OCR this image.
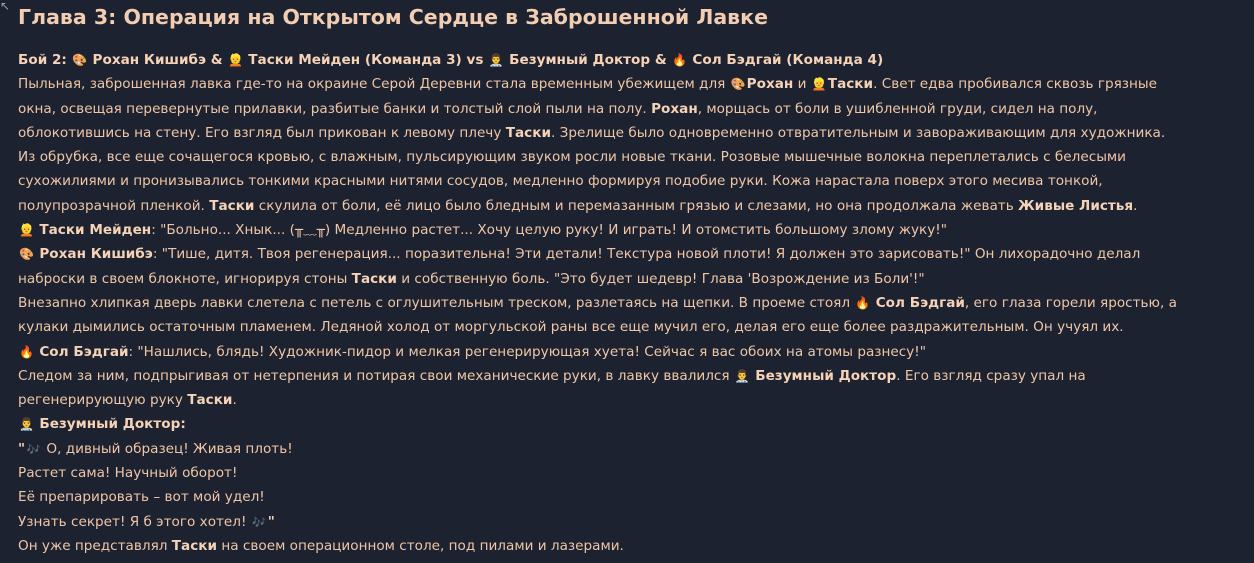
↖ Глава 3: Операция на Открытом Сердце в Заброшенной Лавке
Бой 2: 🎨 Рохан Кишибэ & 👱 Таски Мейден (Команда 3) vs 👨‍⚕️ Безумный Доктор & 🔥 Сол Бэдгай (Команда 4)
Пыльная, заброшенная лавка где-то на окраине Серой Деревни стала временным убежищем для 🎨Рохан и 👱Таски. Свет едва пробивался сквозь грязные
окна, освещая перевернутые прилавки, разбитые банки и толстый слой пыли на полу. Рохан, морщась от боли в ушибленной груди, сидел на полу,
облокотившись на стену. Его взгляд был прикован к левому плечу Таски. Зрелище было одновременно отвратительным и завораживающим для художника.
Из обрубка, все еще сочащегося кровью, с влажным, пульсирующим звуком росли новые ткани. Розовые мышечные волокна переплетались с белесыми
сухожилиями и пронизывались тонкими красными нитями сосудов, медленно формируя подобие руки. Кожа нарастала поверх этого месива тонкой,
полупрозрачной пленкой. Таски скулила от боли, её лицо было бледным и перемазанным грязью и слезами, но она продолжала жевать Живые Листья.
👱 Таски Мейден: "Больно... Хнык... (╥﹏╥) Медленно растет... Хочу целую руку! И играть! И отомстить большому злому жуку!"
🎨 Рохан Кишибэ: "Тише, дитя. Твоя регенерация... поразительна! Эти детали! Текстура новой плоти! Я должен это зарисовать!" Он лихорадочно делал
наброски в своем блокноте, игнорируя стоны Таски и собственную боль. "Это будет шедевр! Глава 'Возрождение из Боли'!"
Внезапно хлипкая дверь лавки слетела с петель с оглушительным треском, разлетаясь на щепки. В проеме стоял 🔥 Сол Бэдгай, его глаза горели яростью, а
кулаки дымились остаточным пламенем. Ледяной холод от моргульской раны все еще мучил его, делая его еще более раздражительным. Он учуял их.
🔥 Сол Бэдгай: "Нашлись, блядь! Художник-пидор и мелкая регенерирующая хуета! Сейчас я вас обоих на атомы разнесу!"
Следом за ним, подпрыгивая от нетерпения и потирая свои механические руки, в лавку ввалился 👨‍⚕️ Безумный Доктор. Его взгляд сразу упал на
регенерирующую руку Таски.
👨‍⚕️ Безумный Доктор:
" 🎶 О, дивный образец! Живая плоть!
Растет сама! Научный оборот!
Её препарировать – вот мой удел!
Узнать секрет! Я б этого хотел! 🎶 "
Он уже представлял Таски на своем операционном столе, под пилами и лазерами.
